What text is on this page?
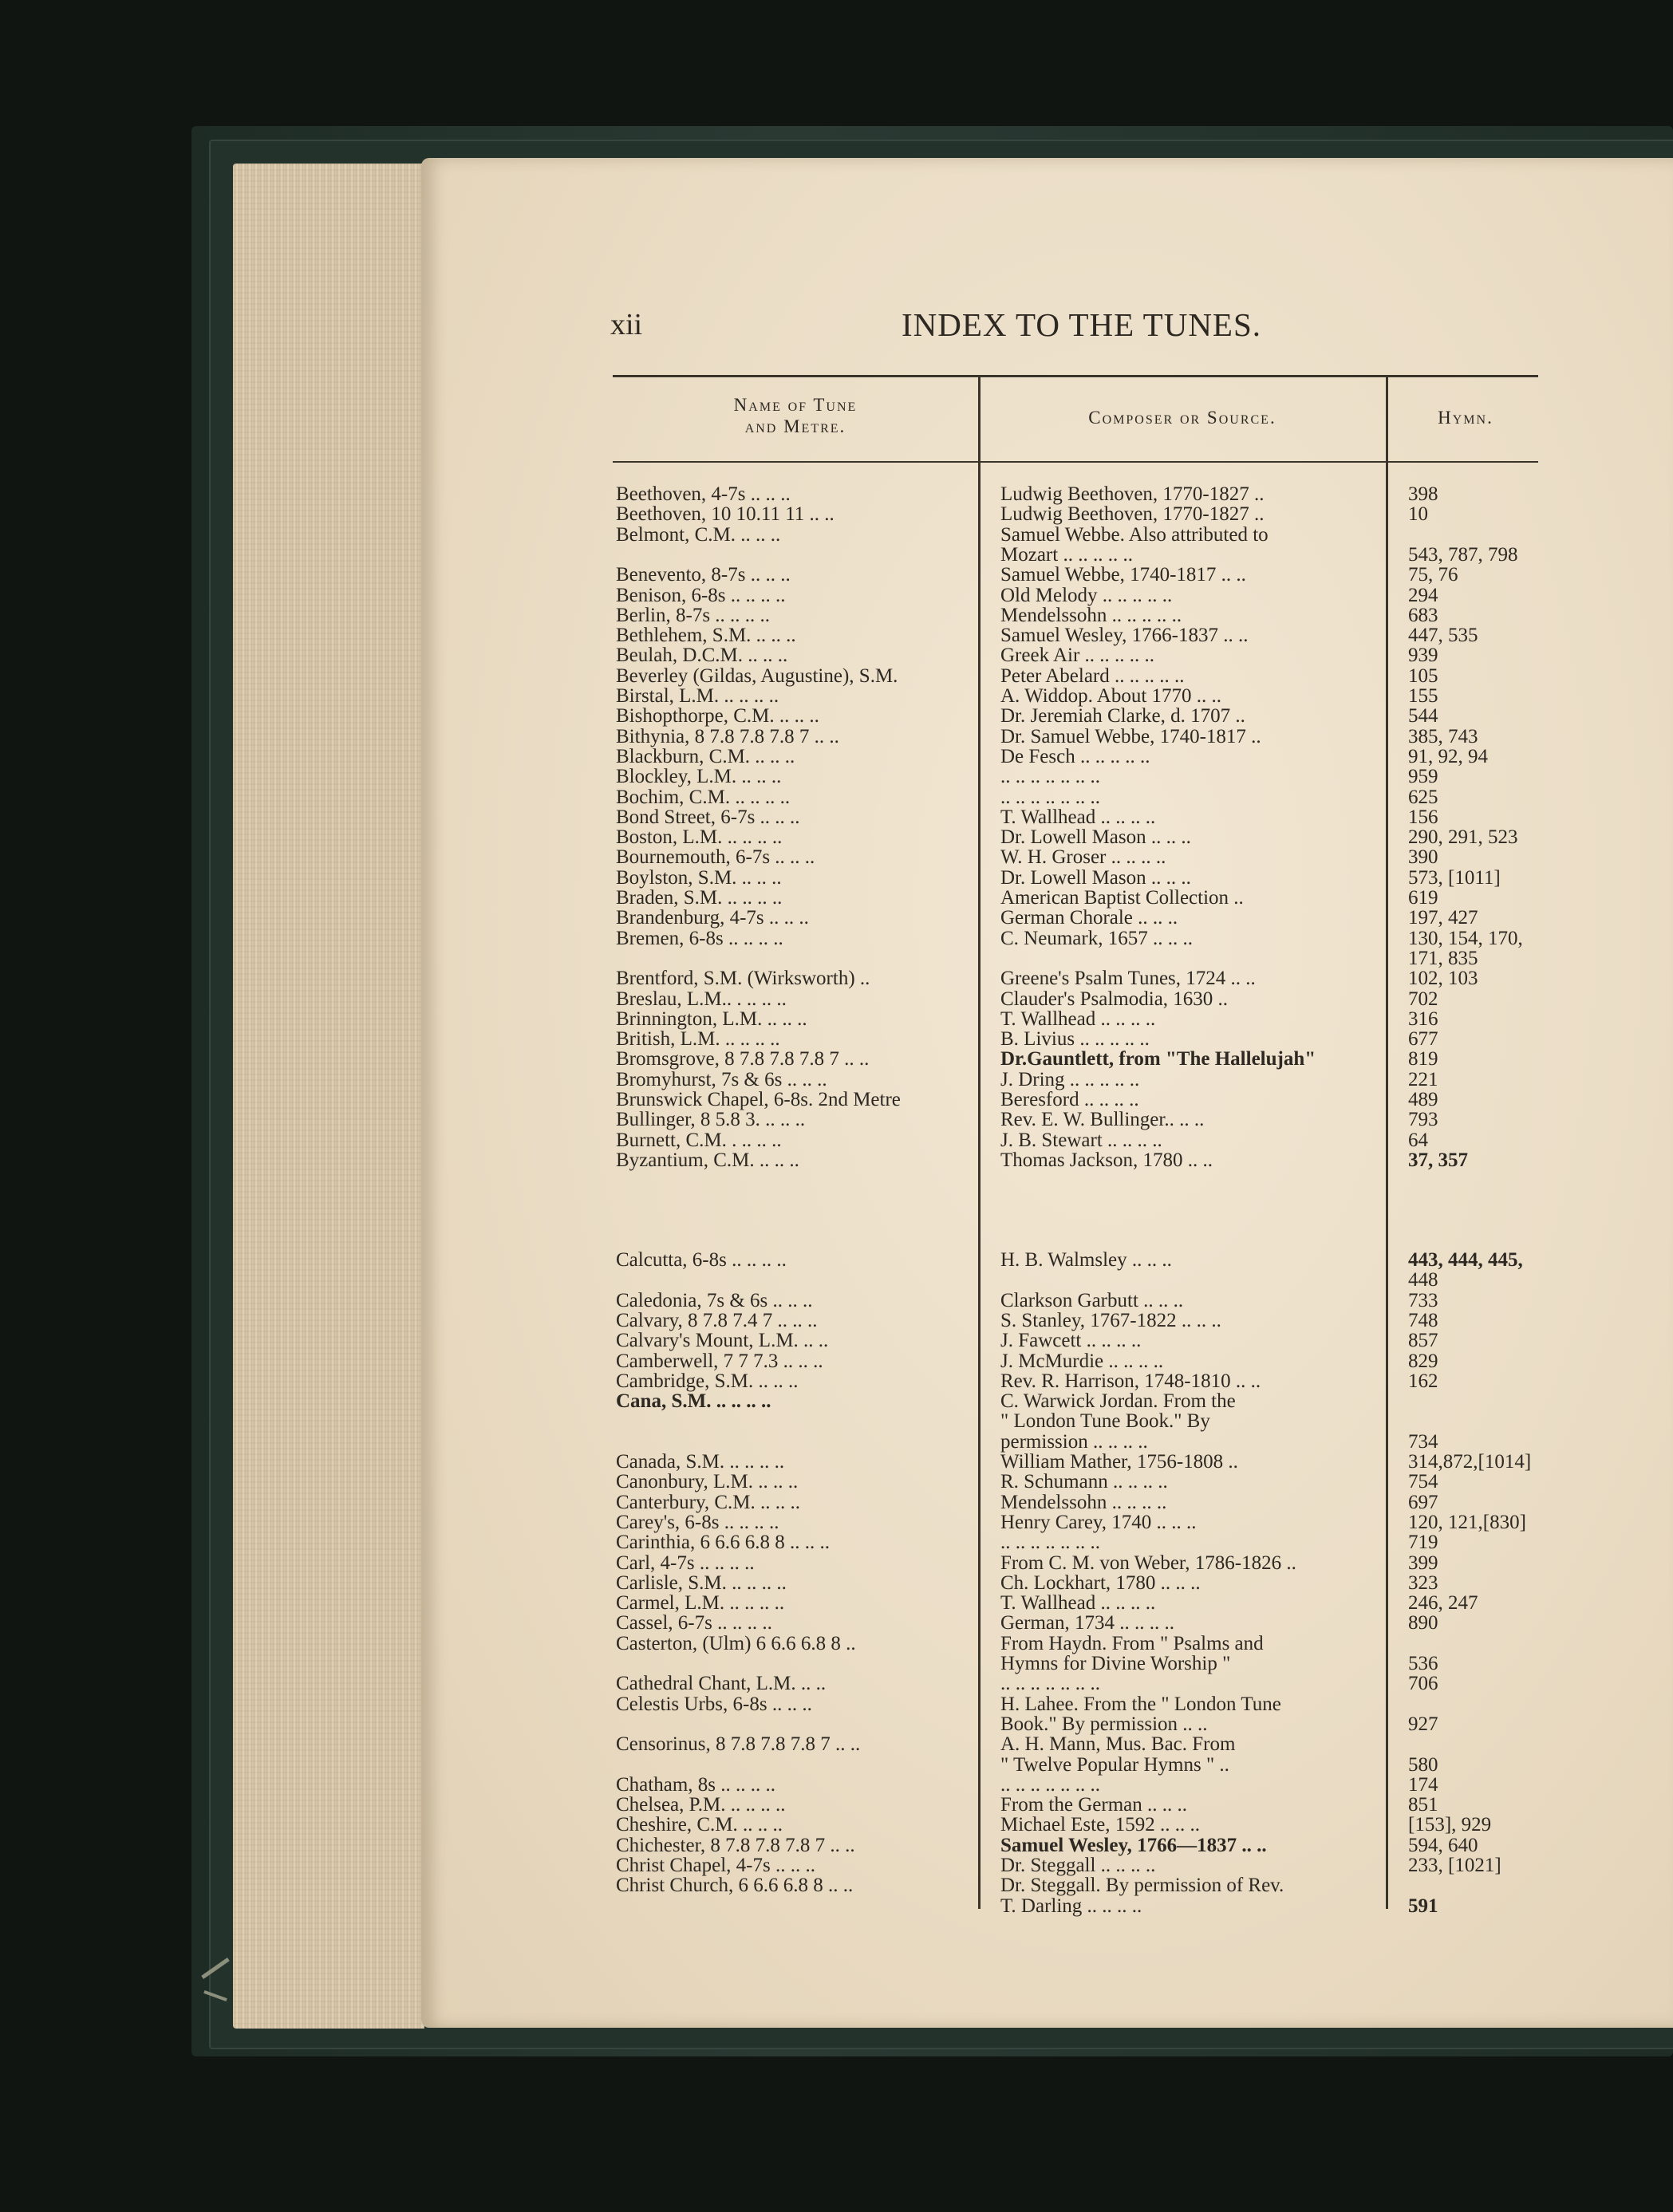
xii	INDEX TO THE TUNES.
Name of Tune
and Metre.	Composer or Source.	Hymn.
Beethoven, 4-7s .. .. ..	Ludwig Beethoven, 1770-1827 ..	398
Beethoven, 10 10.11 11 .. ..	Ludwig Beethoven, 1770-1827 ..	10
Belmont, C.M. .. .. ..	Samuel Webbe. Also attributed to
Mozart .. .. .. .. ..	543, 787, 798
Benevento, 8-7s .. .. ..	Samuel Webbe, 1740-1817 .. ..	75, 76
Benison, 6-8s .. .. .. ..	Old Melody .. .. .. .. ..	294
Berlin, 8-7s .. .. .. ..	Mendelssohn .. .. .. .. ..	683
Bethlehem, S.M. .. .. ..	Samuel Wesley, 1766-1837 .. ..	447, 535
Beulah, D.C.M. .. .. ..	Greek Air .. .. .. .. ..	939
Beverley (Gildas, Augustine), S.M.	Peter Abelard .. .. .. .. ..	105
Birstal, L.M. .. .. .. ..	A. Widdop. About 1770 .. ..	155
Bishopthorpe, C.M. .. .. ..	Dr. Jeremiah Clarke, d. 1707 ..	544
Bithynia, 8 7.8 7.8 7.8 7 .. ..	Dr. Samuel Webbe, 1740-1817 ..	385, 743
Blackburn, C.M. .. .. ..	De Fesch .. .. .. .. ..	91, 92, 94
Blockley, L.M. .. .. ..	.. .. .. .. .. .. ..	959
Bochim, C.M. .. .. .. ..	.. .. .. .. .. .. ..	625
Bond Street, 6-7s .. .. ..	T. Wallhead .. .. .. ..	156
Boston, L.M. .. .. .. ..	Dr. Lowell Mason .. .. ..	290, 291, 523
Bournemouth, 6-7s .. .. ..	W. H. Groser .. .. .. ..	390
Boylston, S.M. .. .. ..	Dr. Lowell Mason .. .. ..	573, [1011]
Braden, S.M. .. .. .. ..	American Baptist Collection ..	619
Brandenburg, 4-7s .. .. ..	German Chorale .. .. ..	197, 427
Bremen, 6-8s .. .. .. ..	C. Neumark, 1657 .. .. ..	130, 154, 170,
171, 835
Brentford, S.M. (Wirksworth) ..	Greene's Psalm Tunes, 1724 .. ..	102, 103
Breslau, L.M.. . .. .. ..	Clauder's Psalmodia, 1630 ..	702
Brinnington, L.M. .. .. ..	T. Wallhead .. .. .. ..	316
British, L.M. .. .. .. ..	B. Livius .. .. .. .. ..	677
Bromsgrove, 8 7.8 7.8 7.8 7 .. ..	Dr.Gauntlett, from "The Hallelujah"	819
Bromyhurst, 7s & 6s .. .. ..	J. Dring .. .. .. .. ..	221
Brunswick Chapel, 6-8s. 2nd Metre	Beresford .. .. .. ..	489
Bullinger, 8 5.8 3. .. .. ..	Rev. E. W. Bullinger.. .. ..	793
Burnett, C.M. . .. .. ..	J. B. Stewart .. .. .. ..	64
Byzantium, C.M. .. .. ..	Thomas Jackson, 1780 .. ..	37, 357
Calcutta, 6-8s .. .. .. ..	H. B. Walmsley .. .. ..	443, 444, 445,
448
Caledonia, 7s & 6s .. .. ..	Clarkson Garbutt .. .. ..	733
Calvary, 8 7.8 7.4 7 .. .. ..	S. Stanley, 1767-1822 .. .. ..	748
Calvary's Mount, L.M. .. ..	J. Fawcett .. .. .. ..	857
Camberwell, 7 7 7.3 .. .. ..	J. McMurdie .. .. .. ..	829
Cambridge, S.M. .. .. ..	Rev. R. Harrison, 1748-1810 .. ..	162
Cana, S.M. .. .. .. ..	C. Warwick Jordan. From the
" London Tune Book." By
permission .. .. .. ..	734
Canada, S.M. .. .. .. ..	William Mather, 1756-1808 ..	314,872,[1014]
Canonbury, L.M. .. .. ..	R. Schumann .. .. .. ..	754
Canterbury, C.M. .. .. ..	Mendelssohn .. .. .. ..	697
Carey's, 6-8s .. .. .. ..	Henry Carey, 1740 .. .. ..	120, 121,[830]
Carinthia, 6 6.6 6.8 8 .. .. ..	.. .. .. .. .. .. ..	719
Carl, 4-7s .. .. .. ..	From C. M. von Weber, 1786-1826 ..	399
Carlisle, S.M. .. .. .. ..	Ch. Lockhart, 1780 .. .. ..	323
Carmel, L.M. .. .. .. ..	T. Wallhead .. .. .. ..	246, 247
Cassel, 6-7s .. .. .. ..	German, 1734 .. .. .. ..	890
Casterton, (Ulm) 6 6.6 6.8 8 ..	From Haydn. From " Psalms and
Hymns for Divine Worship "	536
Cathedral Chant, L.M. .. ..	.. .. .. .. .. .. ..	706
Celestis Urbs, 6-8s .. .. ..	H. Lahee. From the " London Tune
Book." By permission .. ..	927
Censorinus, 8 7.8 7.8 7.8 7 .. ..	A. H. Mann, Mus. Bac. From
" Twelve Popular Hymns " ..	580
Chatham, 8s .. .. .. ..	.. .. .. .. .. .. ..	174
Chelsea, P.M. .. .. .. ..	From the German .. .. ..	851
Cheshire, C.M. .. .. ..	Michael Este, 1592 .. .. ..	[153], 929
Chichester, 8 7.8 7.8 7.8 7 .. ..	Samuel Wesley, 1766—1837 .. ..	594, 640
Christ Chapel, 4-7s .. .. ..	Dr. Steggall .. .. .. ..	233, [1021]
Christ Church, 6 6.6 6.8 8 .. ..	Dr. Steggall. By permission of Rev.
T. Darling .. .. .. ..	591
